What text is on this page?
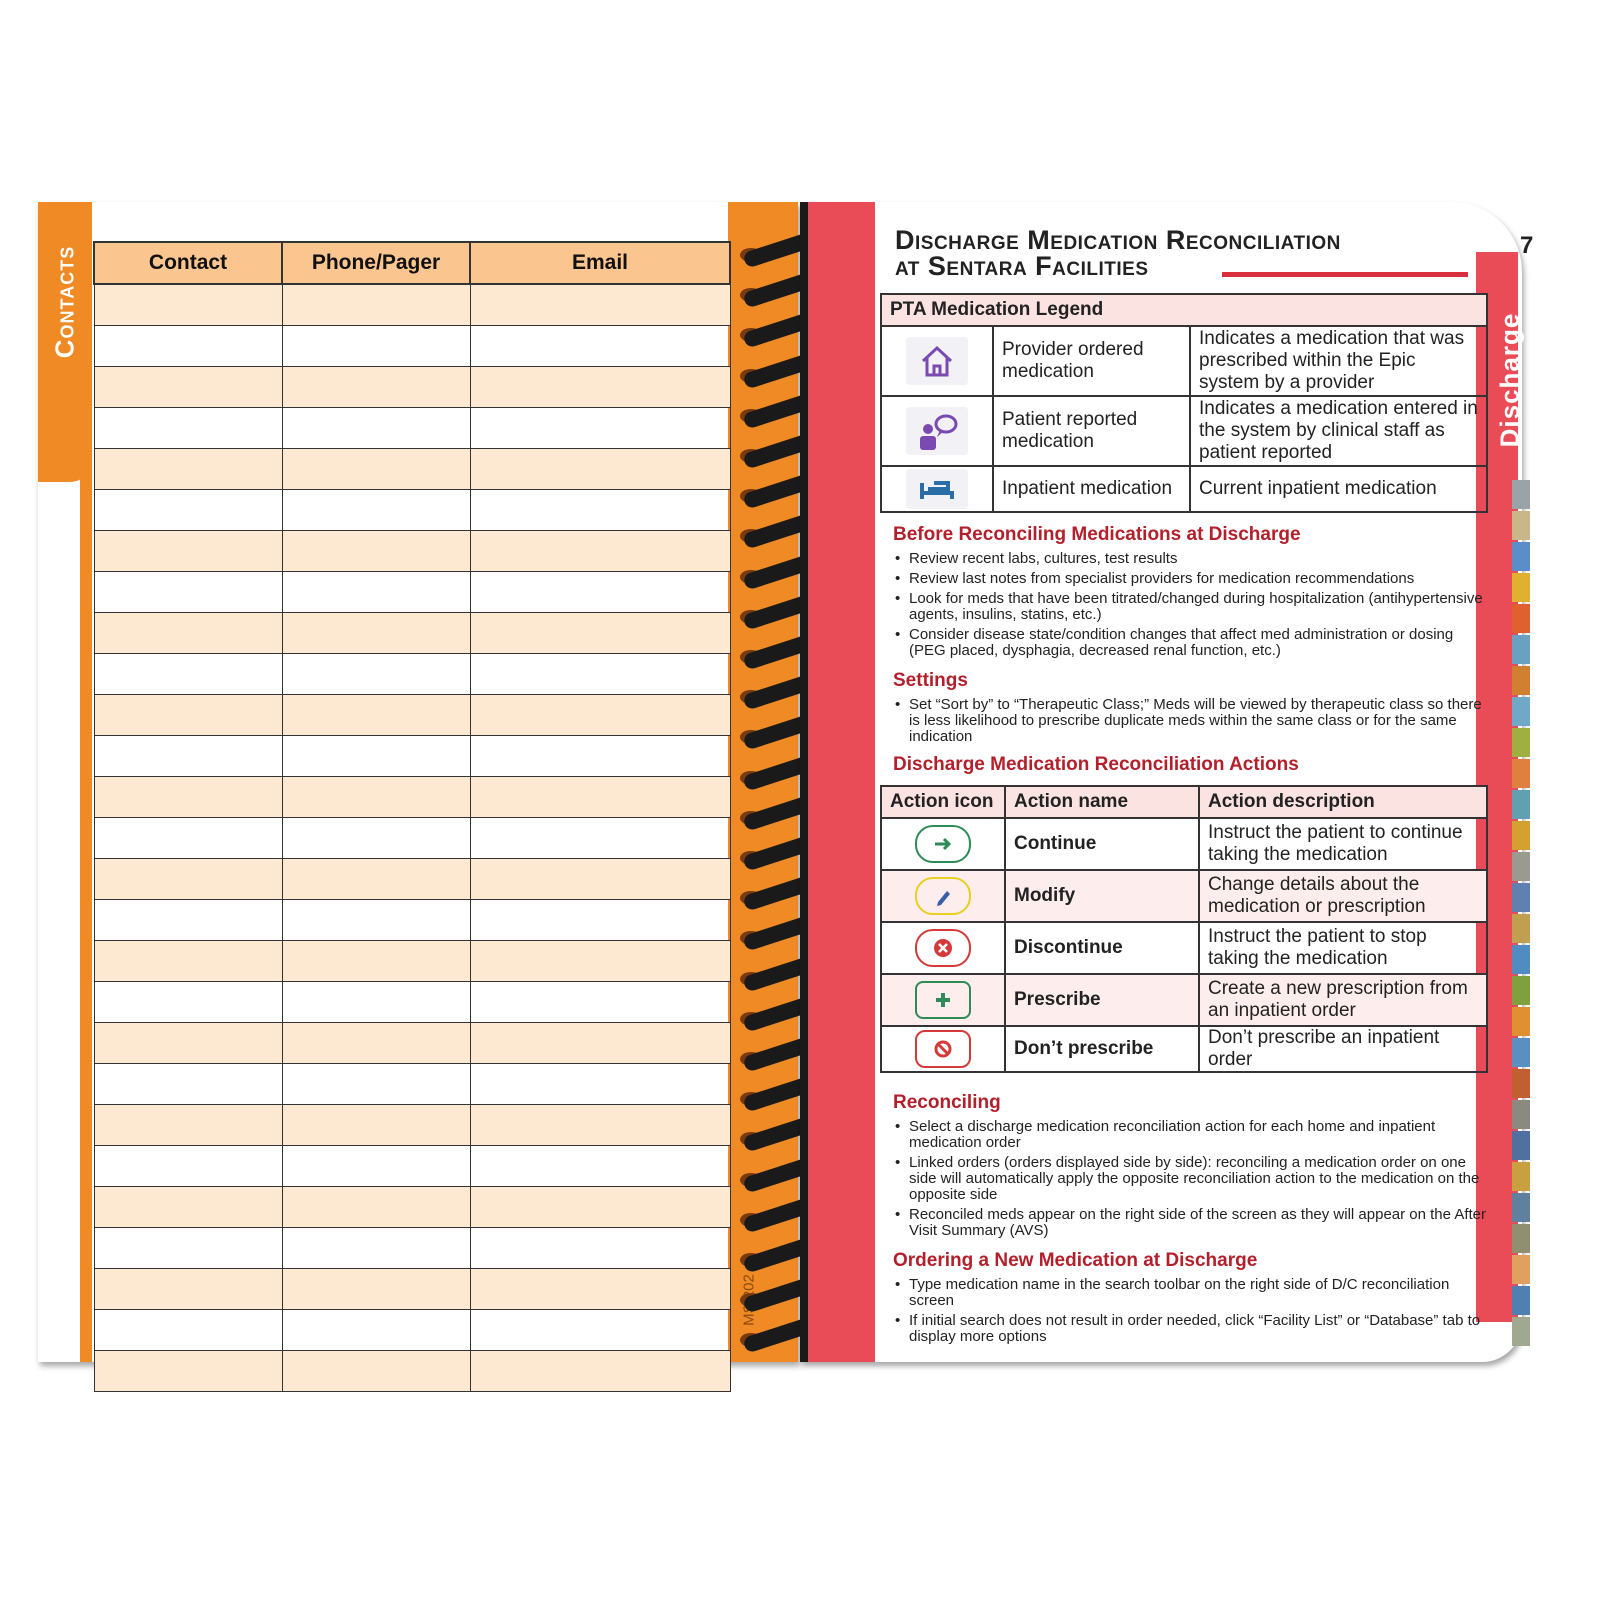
Contacts	Contact	Phone/Pager	Email

Discharge Medication Reconciliation
at Sentara Facilities
7
PTA Medication Legend		
	Provider ordered medication	Indicates a medication that was prescribed within the Epic system by a provider
	Patient reported medication	Indicates a medication entered in the system by clinical staff as patient reported
	Inpatient medication	Current inpatient medication
Before Reconciling Medications at Discharge
• Review recent labs, cultures, test results
• Review last notes from specialist providers for medication recommendations
• Look for meds that have been titrated/changed during hospitalization (antihypertensive agents, insulins, statins, etc.)
• Consider disease state/condition changes that affect med administration or dosing (PEG placed, dysphagia, decreased renal function, etc.)
Settings
• Set “Sort by” to “Therapeutic Class;” Meds will be viewed by therapeutic class so there is less likelihood to prescribe duplicate meds within the same class or for the same indication
Discharge Medication Reconciliation Actions
Action icon	Action name	Action description

	Continue	Instruct the patient to continue taking the medication

	Modify	Change details about the medication or prescription

	Discontinue	Instruct the patient to stop taking the medication

	Prescribe	Create a new prescription from an inpatient order

	Don’t prescribe	Don’t prescribe an inpatient order
Reconciling
• Select a discharge medication reconciliation action for each home and inpatient medication order
• Linked orders (orders displayed side by side): reconciling a medication order on one side will automatically apply the opposite reconciliation action to the medication on the opposite side
• Reconciled meds appear on the right side of the screen as they will appear on the After Visit Summary (AVS)
Ordering a New Medication at Discharge
• Type medication name in the search toolbar on the right side of D/C reconciliation screen
• If initial search does not result in order needed, click “Facility List” or “Database” tab to display more options
Discharge
